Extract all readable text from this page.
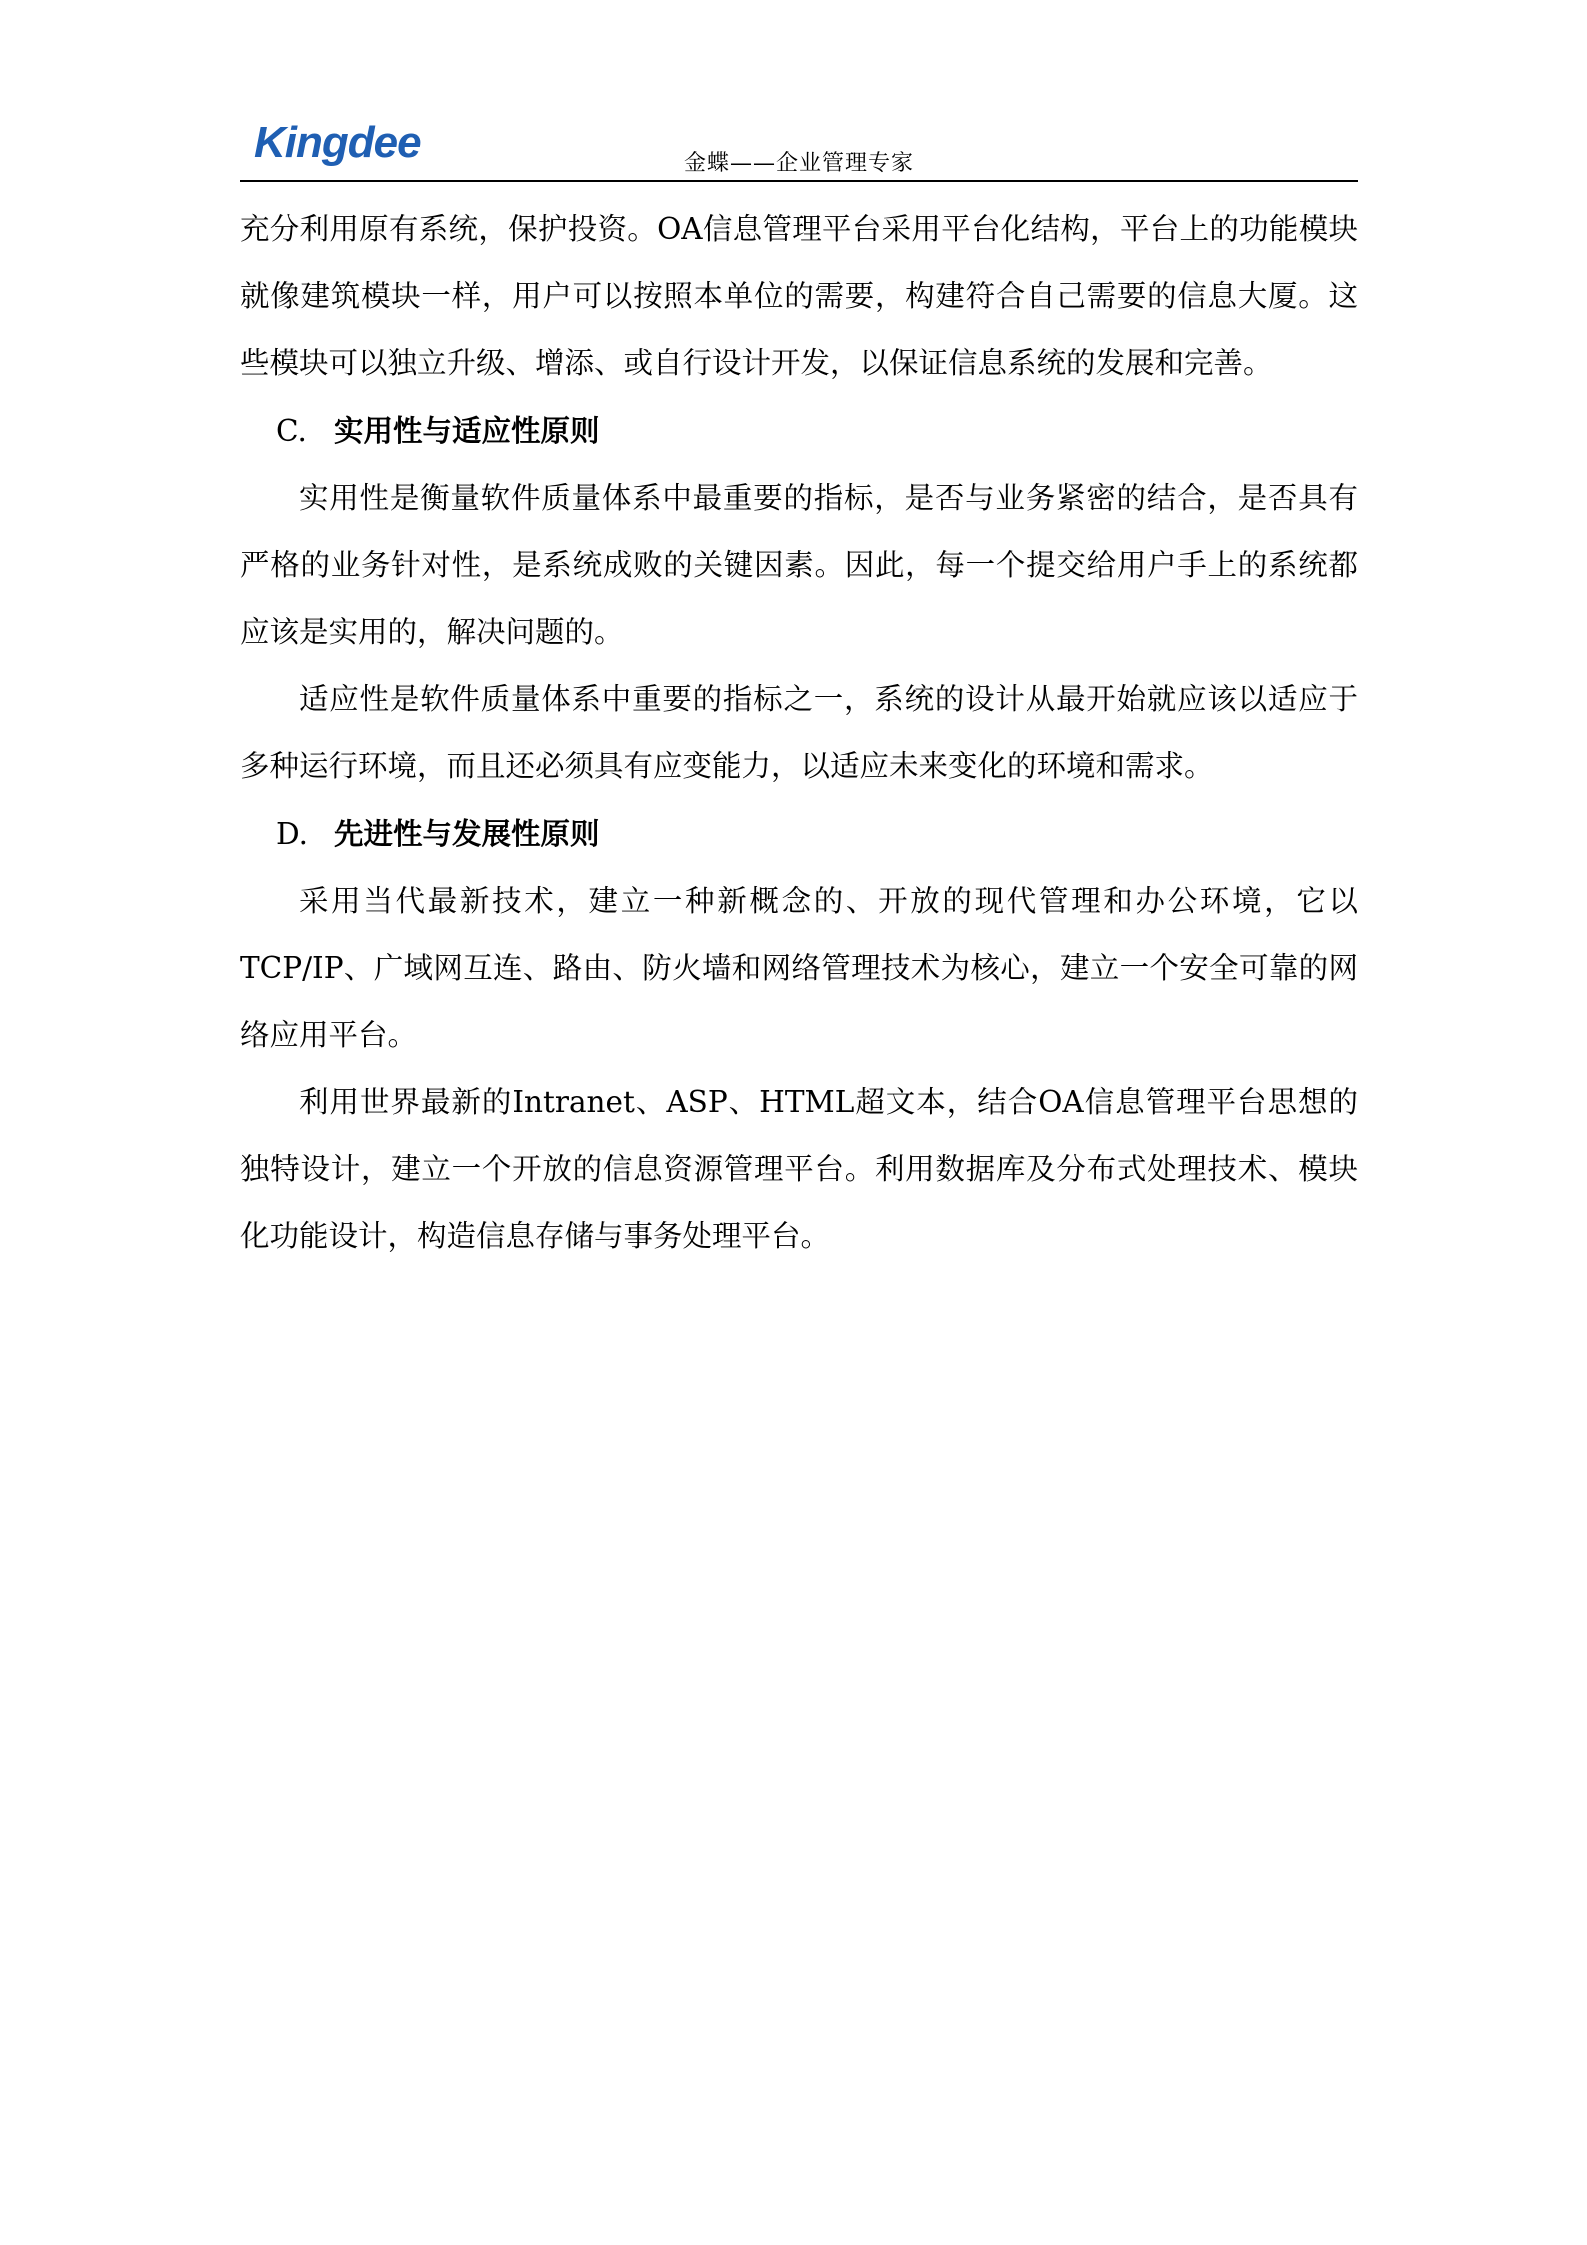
Kingdee	金蝶——企业管理专家

充分利用原有系统，保护投资。OA信息管理平台采用平台化结构，平台上的功能模块就像建筑模块一样，用户可以按照本单位的需要，构建符合自己需要的信息大厦。这些模块可以独立升级、增添、或自行设计开发，以保证信息系统的发展和完善。

C. 实用性与适应性原则

实用性是衡量软件质量体系中最重要的指标，是否与业务紧密的结合，是否具有严格的业务针对性，是系统成败的关键因素。因此，每一个提交给用户手上的系统都应该是实用的，解决问题的。

适应性是软件质量体系中重要的指标之一，系统的设计从最开始就应该以适应于多种运行环境，而且还必须具有应变能力，以适应未来变化的环境和需求。

D. 先进性与发展性原则

采用当代最新技术，建立一种新概念的、开放的现代管理和办公环境，它以TCP/IP、广域网互连、路由、防火墙和网络管理技术为核心，建立一个安全可靠的网络应用平台。

利用世界最新的Intranet、ASP、HTML超文本，结合OA信息管理平台思想的独特设计，建立一个开放的信息资源管理平台。利用数据库及分布式处理技术、模块化功能设计，构造信息存储与事务处理平台。
